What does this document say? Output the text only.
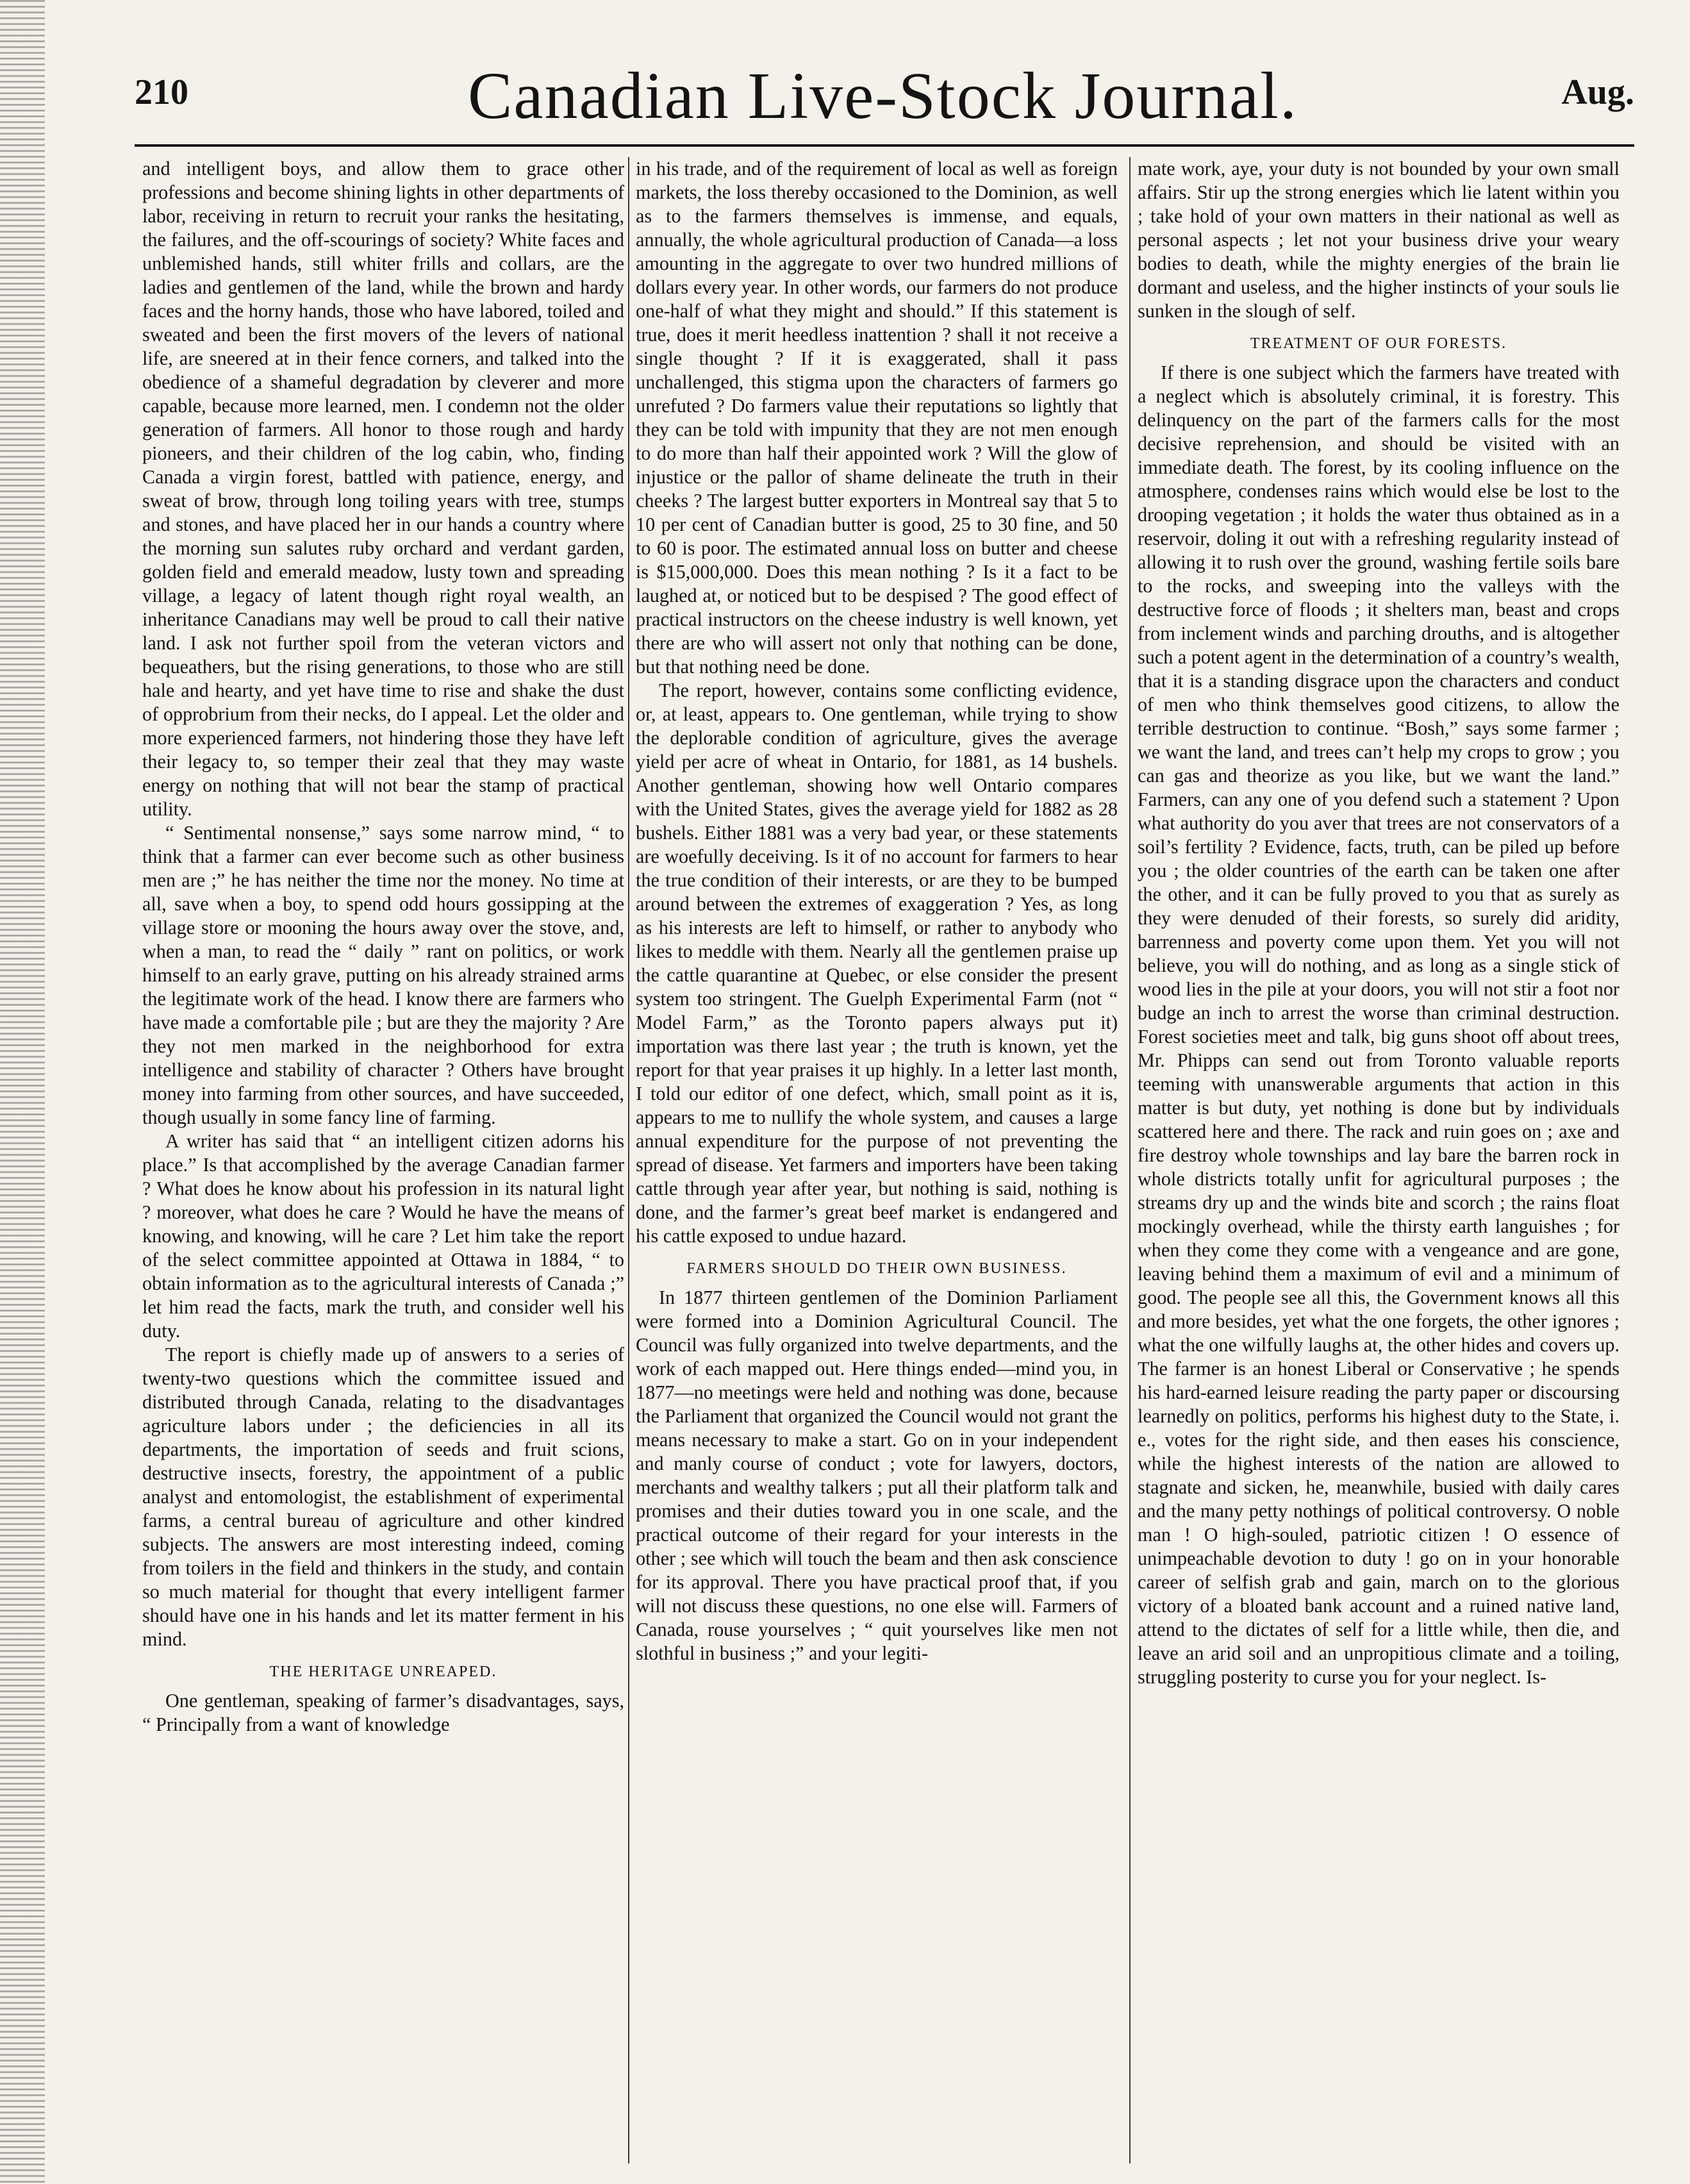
210	Canadian Live-Stock Journal.	Aug.

and intelligent boys, and allow them to grace other professions and become shining lights in other departments of labor, receiving in return to recruit your ranks the hesitating, the failures, and the off-scourings of society? White faces and unblemished hands, still whiter frills and collars, are the ladies and gentlemen of the land, while the brown and hardy faces and the horny hands, those who have labored, toiled and sweated and been the first movers of the levers of national life, are sneered at in their fence corners, and talked into the obedience of a shameful degradation by cleverer and more capable, because more learned, men. I condemn not the older generation of farmers. All honor to those rough and hardy pioneers, and their children of the log cabin, who, finding Canada a virgin forest, battled with patience, energy, and sweat of brow, through long toiling years with tree, stumps and stones, and have placed her in our hands a country where the morning sun salutes ruby orchard and verdant garden, golden field and emerald meadow, lusty town and spreading village, a legacy of latent though right royal wealth, an inheritance Canadians may well be proud to call their native land. I ask not further spoil from the veteran victors and bequeathers, but the rising generations, to those who are still hale and hearty, and yet have time to rise and shake the dust of opprobrium from their necks, do I appeal. Let the older and more experienced farmers, not hindering those they have left their legacy to, so temper their zeal that they may waste energy on nothing that will not bear the stamp of practical utility.

“ Sentimental nonsense,” says some narrow mind, “ to think that a farmer can ever become such as other business men are ;” he has neither the time nor the money. No time at all, save when a boy, to spend odd hours gossipping at the village store or mooning the hours away over the stove, and, when a man, to read the “ daily ” rant on politics, or work himself to an early grave, putting on his already strained arms the legitimate work of the head. I know there are farmers who have made a comfortable pile ; but are they the majority ? Are they not men marked in the neighborhood for extra intelligence and stability of character ? Others have brought money into farming from other sources, and have succeeded, though usually in some fancy line of farming.

A writer has said that “ an intelligent citizen adorns his place.” Is that accomplished by the average Canadian farmer ? What does he know about his profession in its natural light ? moreover, what does he care ? Would he have the means of knowing, and knowing, will he care ? Let him take the report of the select committee appointed at Ottawa in 1884, “ to obtain information as to the agricultural interests of Canada ;” let him read the facts, mark the truth, and consider well his duty.

The report is chiefly made up of answers to a series of twenty-two questions which the committee issued and distributed through Canada, relating to the disadvantages agriculture labors under ; the deficiencies in all its departments, the importation of seeds and fruit scions, destructive insects, forestry, the appointment of a public analyst and entomologist, the establishment of experimental farms, a central bureau of agriculture and other kindred subjects. The answers are most interesting indeed, coming from toilers in the field and thinkers in the study, and contain so much material for thought that every intelligent farmer should have one in his hands and let its matter ferment in his mind.

THE HERITAGE UNREAPED.

One gentleman, speaking of farmer’s disadvantages, says, “ Principally from a want of knowledge

in his trade, and of the requirement of local as well as foreign markets, the loss thereby occasioned to the Dominion, as well as to the farmers themselves is immense, and equals, annually, the whole agricultural production of Canada—a loss amounting in the aggregate to over two hundred millions of dollars every year. In other words, our farmers do not produce one-half of what they might and should.” If this statement is true, does it merit heedless inattention ? shall it not receive a single thought ? If it is exaggerated, shall it pass unchallenged, this stigma upon the characters of farmers go unrefuted ? Do farmers value their reputations so lightly that they can be told with impunity that they are not men enough to do more than half their appointed work ? Will the glow of injustice or the pallor of shame delineate the truth in their cheeks ? The largest butter exporters in Montreal say that 5 to 10 per cent of Canadian butter is good, 25 to 30 fine, and 50 to 60 is poor. The estimated annual loss on butter and cheese is $15,000,000. Does this mean nothing ? Is it a fact to be laughed at, or noticed but to be despised ? The good effect of practical instructors on the cheese industry is well known, yet there are who will assert not only that nothing can be done, but that nothing need be done.

The report, however, contains some conflicting evidence, or, at least, appears to. One gentleman, while trying to show the deplorable condition of agriculture, gives the average yield per acre of wheat in Ontario, for 1881, as 14 bushels. Another gentleman, showing how well Ontario compares with the United States, gives the average yield for 1882 as 28 bushels. Either 1881 was a very bad year, or these statements are woefully deceiving. Is it of no account for farmers to hear the true condition of their interests, or are they to be bumped around between the extremes of exaggeration ? Yes, as long as his interests are left to himself, or rather to anybody who likes to meddle with them. Nearly all the gentlemen praise up the cattle quarantine at Quebec, or else consider the present system too stringent. The Guelph Experimental Farm (not “ Model Farm,” as the Toronto papers always put it) importation was there last year ; the truth is known, yet the report for that year praises it up highly. In a letter last month, I told our editor of one defect, which, small point as it is, appears to me to nullify the whole system, and causes a large annual expenditure for the purpose of not preventing the spread of disease. Yet farmers and importers have been taking cattle through year after year, but nothing is said, nothing is done, and the farmer’s great beef market is endangered and his cattle exposed to undue hazard.

FARMERS SHOULD DO THEIR OWN BUSINESS.

In 1877 thirteen gentlemen of the Dominion Parliament were formed into a Dominion Agricultural Council. The Council was fully organized into twelve departments, and the work of each mapped out. Here things ended—mind you, in 1877—no meetings were held and nothing was done, because the Parliament that organized the Council would not grant the means necessary to make a start. Go on in your independent and manly course of conduct ; vote for lawyers, doctors, merchants and wealthy talkers ; put all their platform talk and promises and their duties toward you in one scale, and the practical outcome of their regard for your interests in the other ; see which will touch the beam and then ask conscience for its approval. There you have practical proof that, if you will not discuss these questions, no one else will. Farmers of Canada, rouse yourselves ; “ quit yourselves like men not slothful in business ;” and your legiti-

mate work, aye, your duty is not bounded by your own small affairs. Stir up the strong energies which lie latent within you ; take hold of your own matters in their national as well as personal aspects ; let not your business drive your weary bodies to death, while the mighty energies of the brain lie dormant and useless, and the higher instincts of your souls lie sunken in the slough of self.

TREATMENT OF OUR FORESTS.

If there is one subject which the farmers have treated with a neglect which is absolutely criminal, it is forestry. This delinquency on the part of the farmers calls for the most decisive reprehension, and should be visited with an immediate death. The forest, by its cooling influence on the atmosphere, condenses rains which would else be lost to the drooping vegetation ; it holds the water thus obtained as in a reservoir, doling it out with a refreshing regularity instead of allowing it to rush over the ground, washing fertile soils bare to the rocks, and sweeping into the valleys with the destructive force of floods ; it shelters man, beast and crops from inclement winds and parching drouths, and is altogether such a potent agent in the determination of a country’s wealth, that it is a standing disgrace upon the characters and conduct of men who think themselves good citizens, to allow the terrible destruction to continue. “Bosh,” says some farmer ; we want the land, and trees can’t help my crops to grow ; you can gas and theorize as you like, but we want the land.” Farmers, can any one of you defend such a statement ? Upon what authority do you aver that trees are not conservators of a soil’s fertility ? Evidence, facts, truth, can be piled up before you ; the older countries of the earth can be taken one after the other, and it can be fully proved to you that as surely as they were denuded of their forests, so surely did aridity, barrenness and poverty come upon them. Yet you will not believe, you will do nothing, and as long as a single stick of wood lies in the pile at your doors, you will not stir a foot nor budge an inch to arrest the worse than criminal destruction. Forest societies meet and talk, big guns shoot off about trees, Mr. Phipps can send out from Toronto valuable reports teeming with unanswerable arguments that action in this matter is but duty, yet nothing is done but by individuals scattered here and there. The rack and ruin goes on ; axe and fire destroy whole townships and lay bare the barren rock in whole districts totally unfit for agricultural purposes ; the streams dry up and the winds bite and scorch ; the rains float mockingly overhead, while the thirsty earth languishes ; for when they come they come with a vengeance and are gone, leaving behind them a maximum of evil and a minimum of good. The people see all this, the Government knows all this and more besides, yet what the one forgets, the other ignores ; what the one wilfully laughs at, the other hides and covers up. The farmer is an honest Liberal or Conservative ; he spends his hard-earned leisure reading the party paper or discoursing learnedly on politics, performs his highest duty to the State, i. e., votes for the right side, and then eases his conscience, while the highest interests of the nation are allowed to stagnate and sicken, he, meanwhile, busied with daily cares and the many petty nothings of political controversy. O noble man ! O high-souled, patriotic citizen ! O essence of unimpeachable devotion to duty ! go on in your honorable career of selfish grab and gain, march on to the glorious victory of a bloated bank account and a ruined native land, attend to the dictates of self for a little while, then die, and leave an arid soil and an unpropitious climate and a toiling, struggling posterity to curse you for your neglect. Is-
